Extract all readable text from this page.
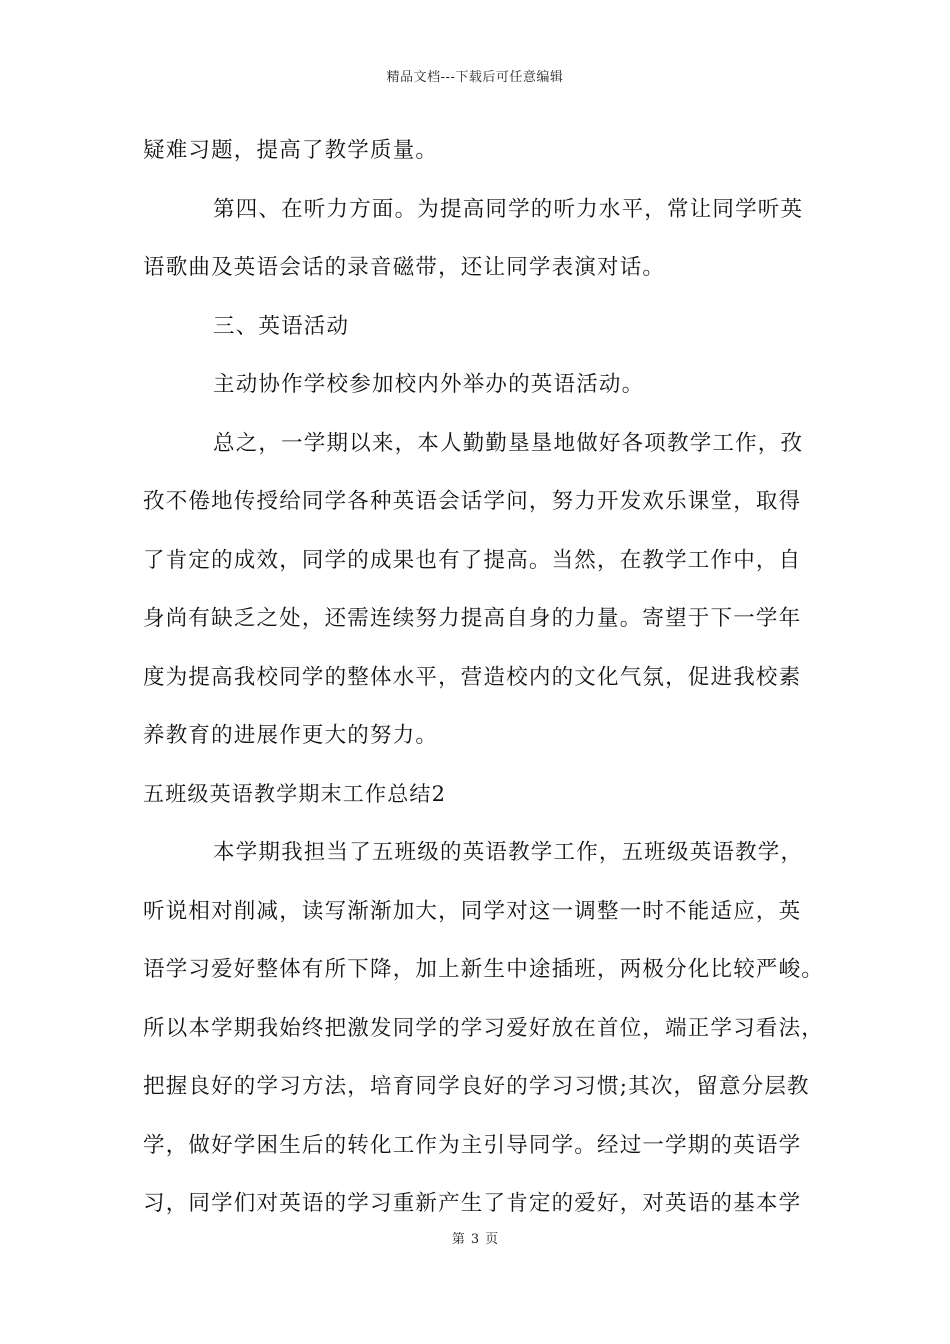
精品文档---下载后可任意编辑
疑难习题，提高了教学质量。
第四、在听力方面。为提高同学的听力水平，常让同学听英
语歌曲及英语会话的录音磁带，还让同学表演对话。
三、英语活动
主动协作学校参加校内外举办的英语活动。
总之，一学期以来，本人勤勤垦垦地做好各项教学工作，孜
孜不倦地传授给同学各种英语会话学问，努力开发欢乐课堂，取得
了肯定的成效，同学的成果也有了提高。当然，在教学工作中，自
身尚有缺乏之处，还需连续努力提高自身的力量。寄望于下一学年
度为提高我校同学的整体水平，营造校内的文化气氛，促进我校素
养教育的进展作更大的努力。
五班级英语教学期末工作总结2
本学期我担当了五班级的英语教学工作，五班级英语教学，
听说相对削减，读写渐渐加大，同学对这一调整一时不能适应，英
语学习爱好整体有所下降，加上新生中途插班，两极分化比较严峻。
所以本学期我始终把激发同学的学习爱好放在首位，端正学习看法，
把握良好的学习方法，培育同学良好的学习习惯;其次，留意分层教
学，做好学困生后的转化工作为主引导同学。经过一学期的英语学
习，同学们对英语的学习重新产生了肯定的爱好，对英语的基本学
第 3 页
